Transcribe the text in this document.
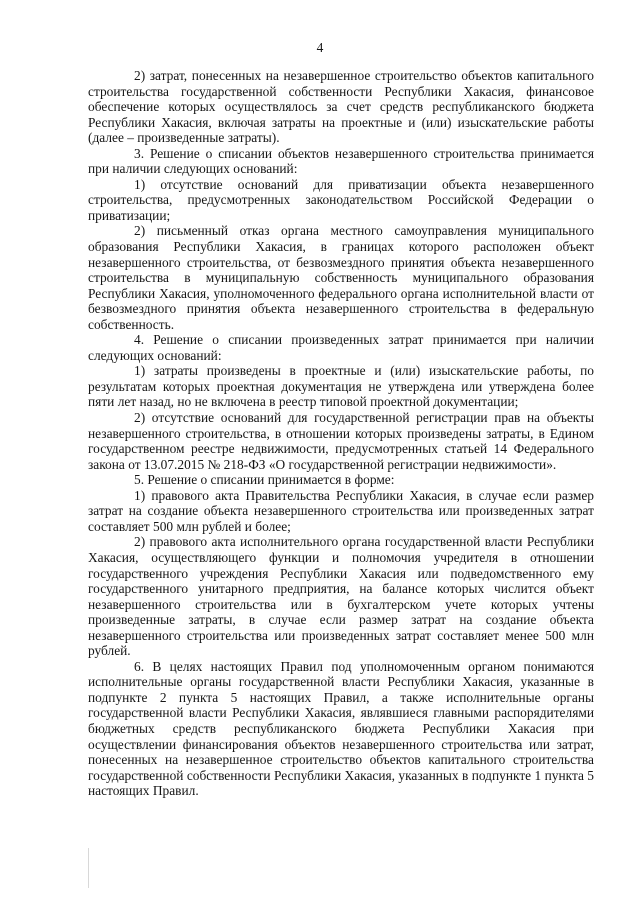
4

2) затрат, понесенных на незавершенное строительство объектов капитального строительства государственной собственности Республики Хакасия, финансовое обеспечение которых осуществлялось за счет средств республиканского бюджета Республики Хакасия, включая затраты на проектные и (или) изыскательские работы (далее – произведенные затраты).

3. Решение о списании объектов незавершенного строительства принимается при наличии следующих оснований:

1) отсутствие оснований для приватизации объекта незавершенного строительства, предусмотренных законодательством Российской Федерации о приватизации;

2) письменный отказ органа местного самоуправления муниципального образования Республики Хакасия, в границах которого расположен объект незавершенного строительства, от безвозмездного принятия объекта незавершенного строительства в муниципальную собственность муниципального образования Республики Хакасия, уполномоченного федерального органа исполнительной власти от безвозмездного принятия объекта незавершенного строительства в федеральную собственность.

4. Решение о списании произведенных затрат принимается при наличии следующих оснований:

1) затраты произведены в проектные и (или) изыскательские работы, по результатам которых проектная документация не утверждена или утверждена более пяти лет назад, но не включена в реестр типовой проектной документации;

2) отсутствие оснований для государственной регистрации прав на объекты незавершенного строительства, в отношении которых произведены затраты, в Едином государственном реестре недвижимости, предусмотренных статьей 14 Федерального закона от 13.07.2015 № 218-ФЗ «О государственной регистрации недвижимости».

5. Решение о списании принимается в форме:

1) правового акта Правительства Республики Хакасия, в случае если размер затрат на создание объекта незавершенного строительства или произведенных затрат составляет 500 млн рублей и более;

2) правового акта исполнительного органа государственной власти Республики Хакасия, осуществляющего функции и полномочия учредителя в отношении государственного учреждения Республики Хакасия или подведомственного ему государственного унитарного предприятия, на балансе которых числится объект незавершенного строительства или в бухгалтерском учете которых учтены произведенные затраты, в случае если размер затрат на создание объекта незавершенного строительства или произведенных затрат составляет менее 500 млн рублей.

6. В целях настоящих Правил под уполномоченным органом понимаются исполнительные органы государственной власти Республики Хакасия, указанные в подпункте 2 пункта 5 настоящих Правил, а также исполнительные органы государственной власти Республики Хакасия, являвшиеся главными распорядителями бюджетных средств республиканского бюджета Республики Хакасия при осуществлении финансирования объектов незавершенного строительства или затрат, понесенных на незавершенное строительство объектов капитального строительства государственной собственности Республики Хакасия, указанных в подпункте 1 пункта 5 настоящих Правил.
